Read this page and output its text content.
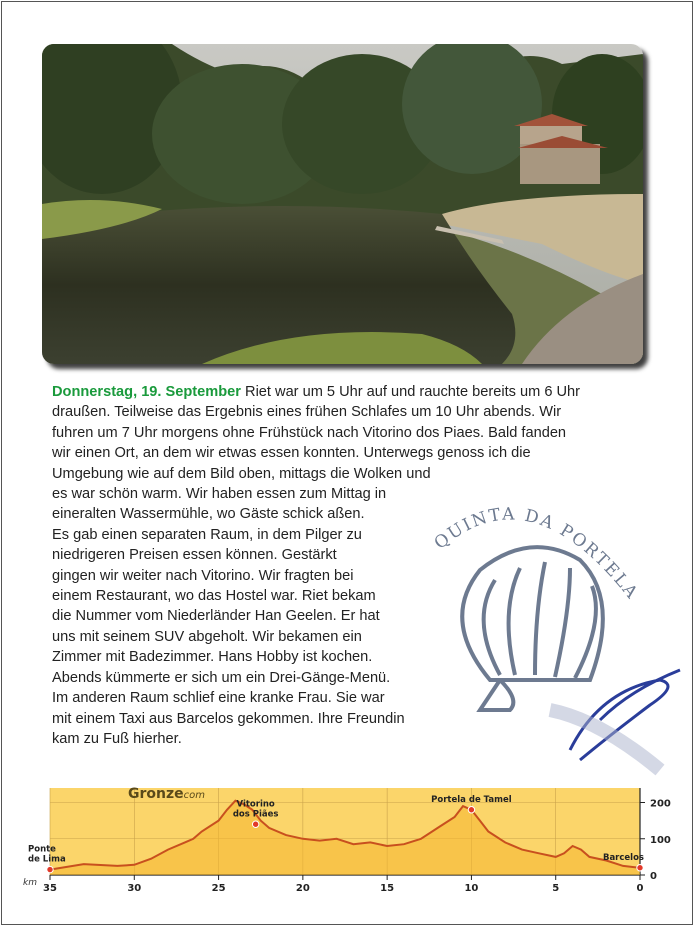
Donnerstag, 19. September Riet war um 5 Uhr auf und rauchte bereits um 6 Uhr
draußen. Teilweise das Ergebnis eines frühen Schlafes um 10 Uhr abends. Wir
fuhren um 7 Uhr morgens ohne Frühstück nach Vitorino dos Piaes. Bald fanden
wir einen Ort, an dem wir etwas essen konnten. Unterwegs genoss ich die
Umgebung wie auf dem Bild oben, mittags die Wolken und
es war schön warm. Wir haben essen zum Mittag in
eineralten Wassermühle, wo Gäste schick aßen.
Es gab einen separaten Raum, in dem Pilger zu
niedrigeren Preisen essen können. Gestärkt
gingen wir weiter nach Vitorino. Wir fragten bei
einem Restaurant, wo das Hostel war. Riet bekam
die Nummer vom Niederländer Han Geelen. Er hat
uns mit seinem SUV abgeholt. Wir bekamen ein
Zimmer mit Badezimmer. Hans Hobby ist kochen.
Abends kümmerte er sich um ein Drei-Gänge-Menü.
Im anderen Raum schlief eine kranke Frau. Sie war
mit einem Taxi aus Barcelos gekommen. Ihre Freundin
kam zu Fuß hierher.
QUINTA DA PORTELA
35	30	25	20	15	10	5	0
0
100
200
Ponte
de Lima
Vitorino
dos Piães
Portela de Tamel
Barcelos
Gronzecom
km
